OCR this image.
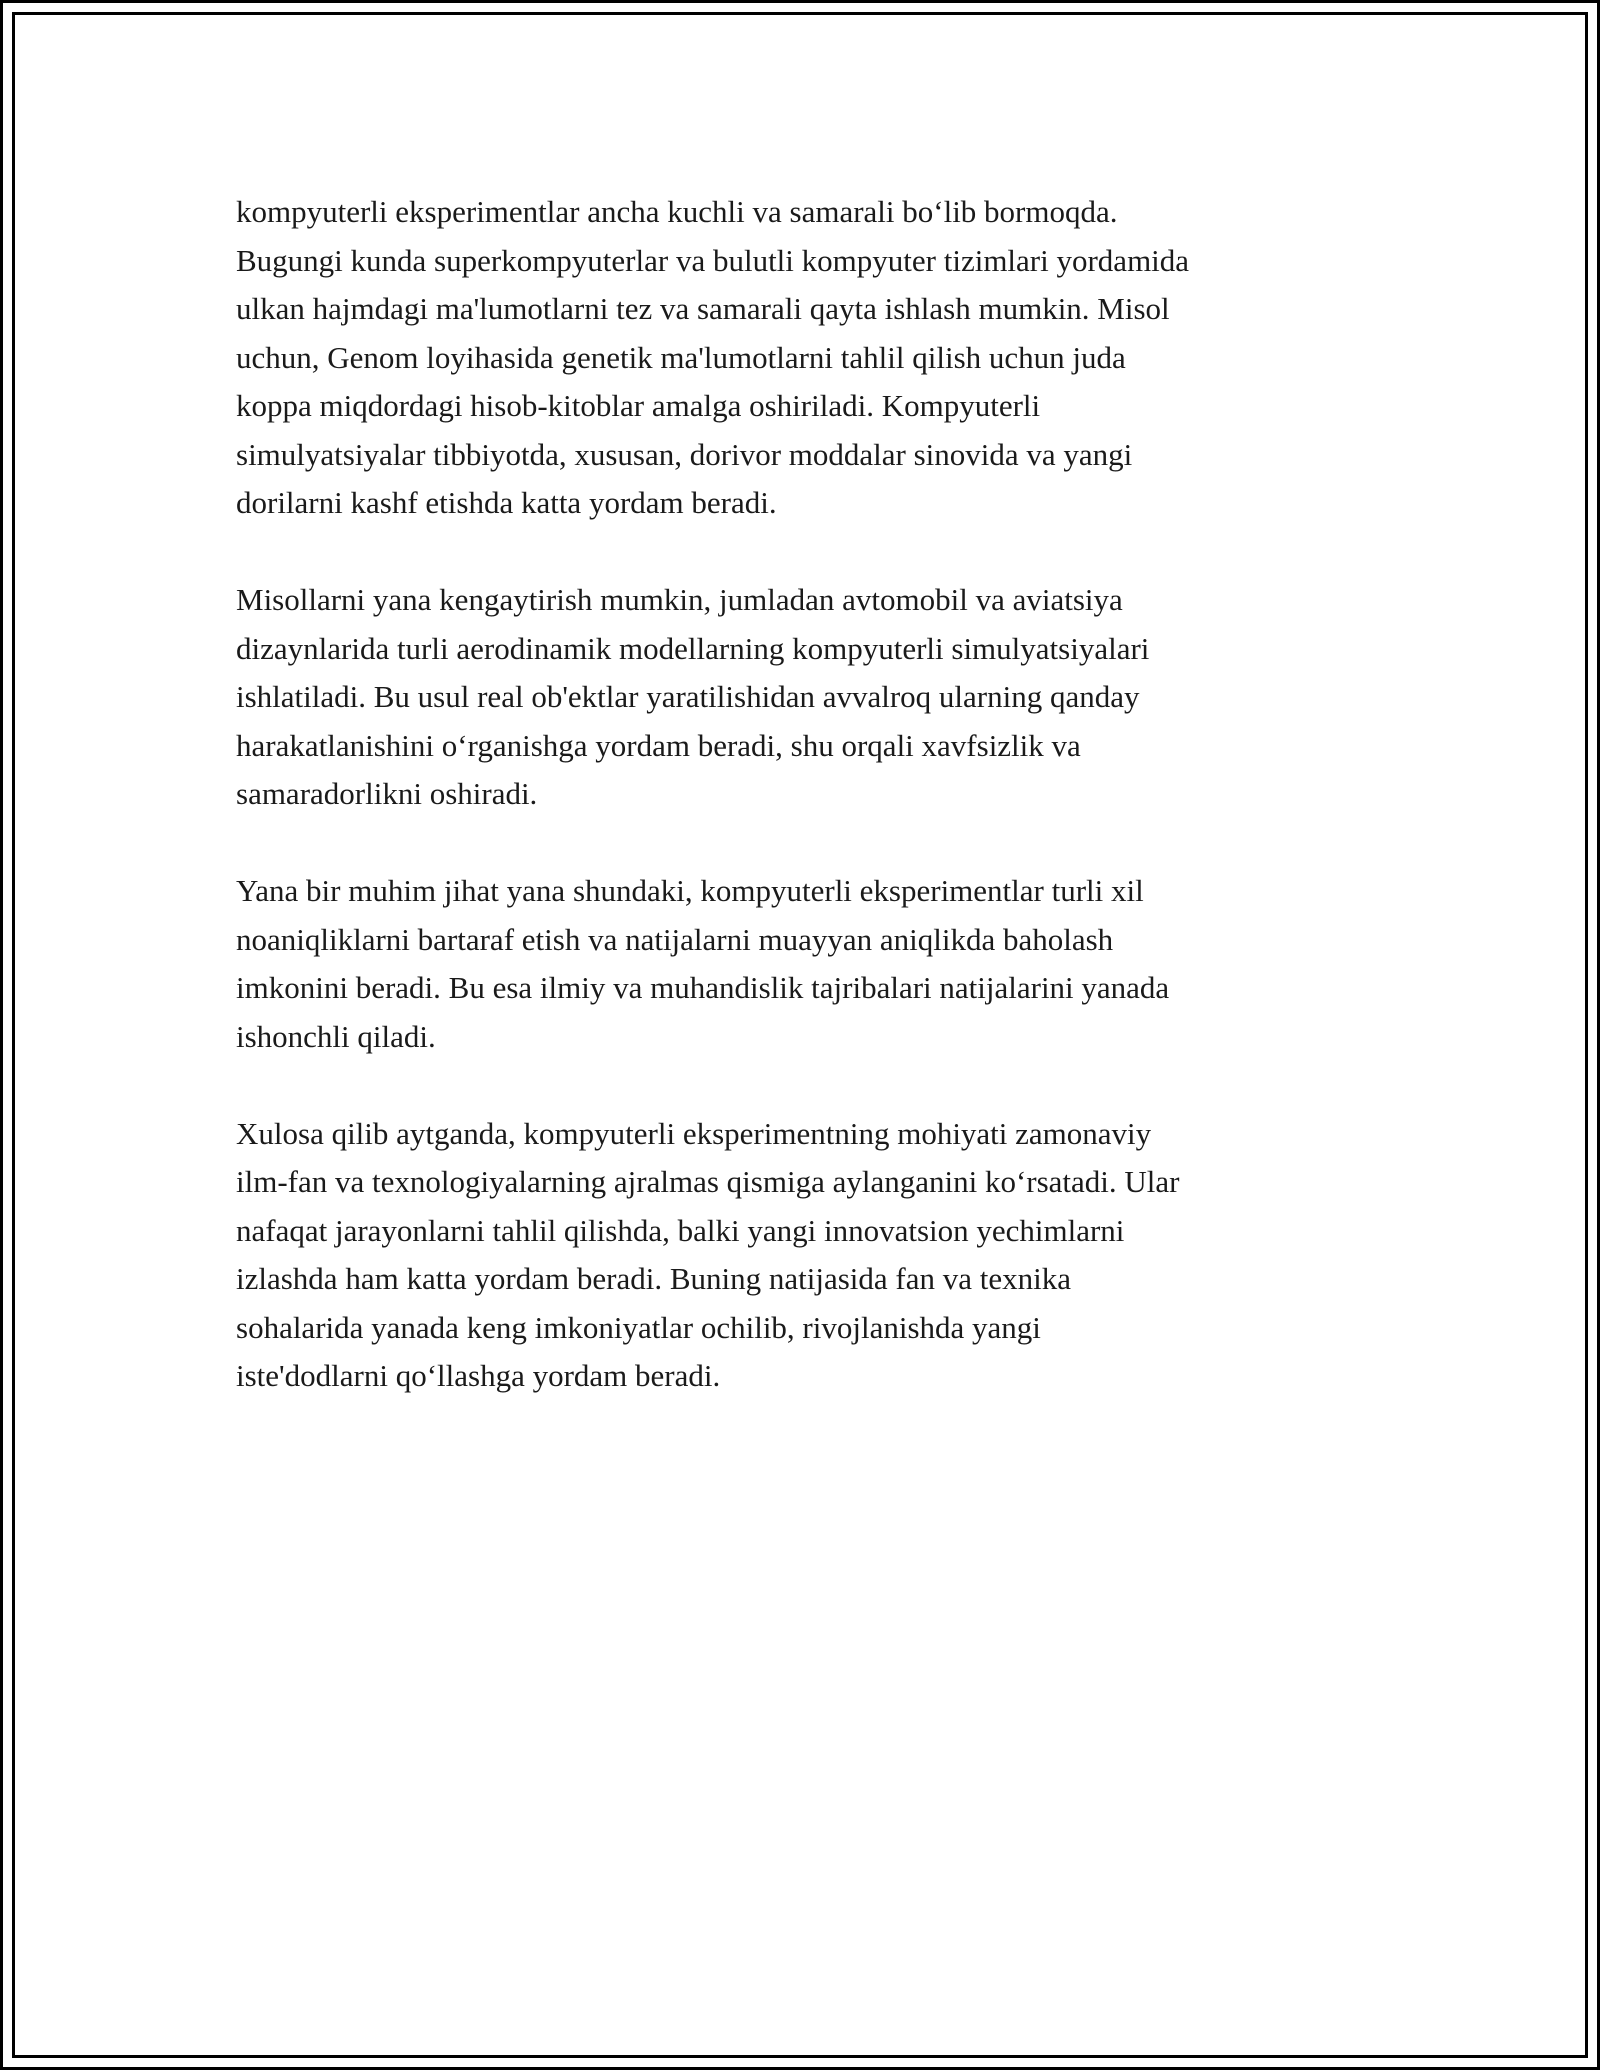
kompyuterli eksperimentlar ancha kuchli va samarali bo‘lib bormoqda.
Bugungi kunda superkompyuterlar va bulutli kompyuter tizimlari yordamida
ulkan hajmdagi ma'lumotlarni tez va samarali qayta ishlash mumkin. Misol
uchun, Genom loyihasida genetik ma'lumotlarni tahlil qilish uchun juda
koppa miqdordagi hisob-kitoblar amalga oshiriladi. Kompyuterli
simulyatsiyalar tibbiyotda, xususan, dorivor moddalar sinovida va yangi
dorilarni kashf etishda katta yordam beradi.

Misollarni yana kengaytirish mumkin, jumladan avtomobil va aviatsiya
dizaynlarida turli aerodinamik modellarning kompyuterli simulyatsiyalari
ishlatiladi. Bu usul real ob'ektlar yaratilishidan avvalroq ularning qanday
harakatlanishini o‘rganishga yordam beradi, shu orqali xavfsizlik va
samaradorlikni oshiradi.

Yana bir muhim jihat yana shundaki, kompyuterli eksperimentlar turli xil
noaniqliklarni bartaraf etish va natijalarni muayyan aniqlikda baholash
imkonini beradi. Bu esa ilmiy va muhandislik tajribalari natijalarini yanada
ishonchli qiladi.

Xulosa qilib aytganda, kompyuterli eksperimentning mohiyati zamonaviy
ilm-fan va texnologiyalarning ajralmas qismiga aylanganini ko‘rsatadi. Ular
nafaqat jarayonlarni tahlil qilishda, balki yangi innovatsion yechimlarni
izlashda ham katta yordam beradi. Buning natijasida fan va texnika
sohalarida yanada keng imkoniyatlar ochilib, rivojlanishda yangi
iste'dodlarni qo‘llashga yordam beradi.
